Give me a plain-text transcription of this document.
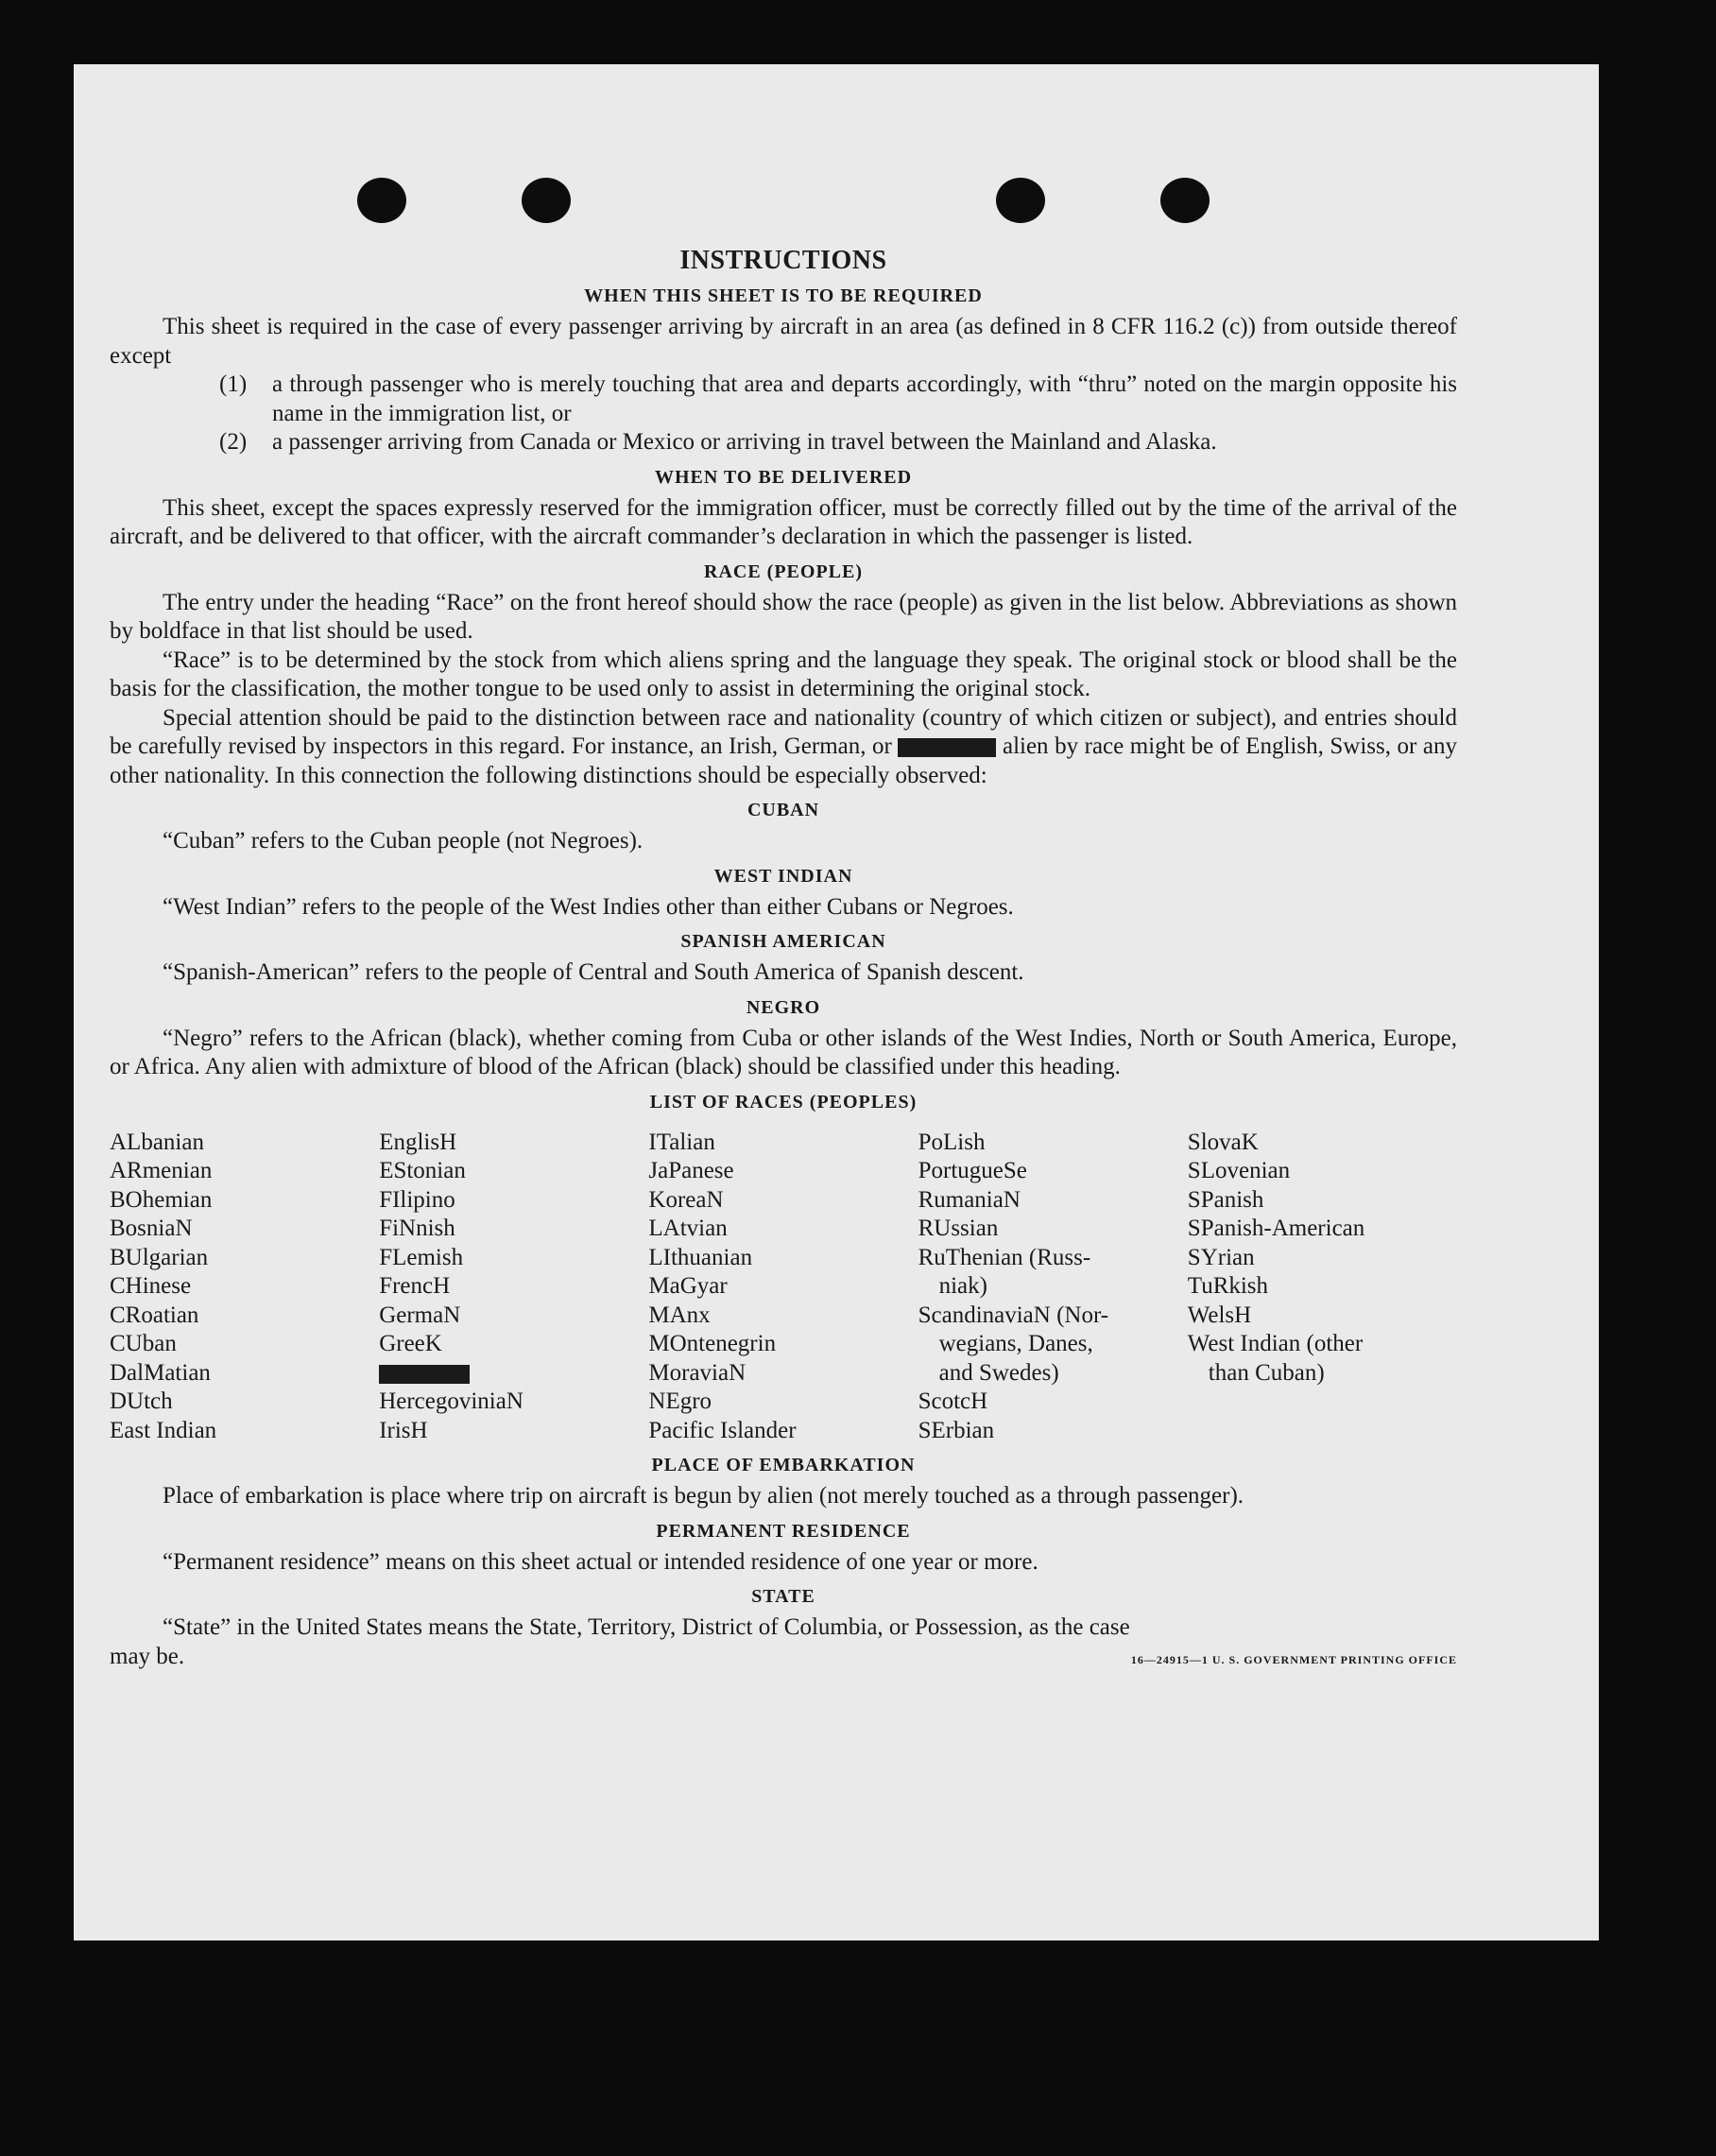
INSTRUCTIONS
WHEN THIS SHEET IS TO BE REQUIRED

This sheet is required in the case of every passenger arriving by aircraft in an area (as defined in 8 CFR 116.2 (c)) from outside thereof except

(1)	a through passenger who is merely touching that area and departs accordingly, with “thru” noted on the margin opposite his name in the immigration list, or
(2)	a passenger arriving from Canada or Mexico or arriving in travel between the Mainland and Alaska.
WHEN TO BE DELIVERED

This sheet, except the spaces expressly reserved for the immigration officer, must be correctly filled out by the time of the arrival of the aircraft, and be delivered to that officer, with the aircraft commander’s declaration in which the passenger is listed.

RACE (PEOPLE)

The entry under the heading “Race” on the front hereof should show the race (people) as given in the list below. Abbreviations as shown by boldface in that list should be used.

“Race” is to be determined by the stock from which aliens spring and the language they speak. The original stock or blood shall be the basis for the classification, the mother tongue to be used only to assist in determining the original stock.

Special attention should be paid to the distinction between race and nationality (country of which citizen or subject), and entries should be carefully revised by inspectors in this regard. For instance, an Irish, German, or	alien by race might be of English, Swiss, or any other nationality. In this connection the following distinctions should be especially observed:

CUBAN

“Cuban” refers to the Cuban people (not Negroes).

WEST INDIAN

“West Indian” refers to the people of the West Indies other than either Cubans or Negroes.

SPANISH AMERICAN

“Spanish-American” refers to the people of Central and South America of Spanish descent.

NEGRO

“Negro” refers to the African (black), whether coming from Cuba or other islands of the West Indies, North or South America, Europe, or Africa. Any alien with admixture of blood of the African (black) should be classified under this heading.

LIST OF RACES (PEOPLES)
ALbanian
ARmenian
BOhemian
BosniaN
BUlgarian
CHinese
CRoatian
CUban
DalMatian
DUtch
East Indian
EnglisH
EStonian
FIlipino
FiNnish
FLemish
FrencH
GermaN
GreeK
HercegoviniaN
IrisH
ITalian
JaPanese
KoreaN
LAtvian
LIthuanian
MaGyar
MAnx
MOntenegrin
MoraviaN
NEgro
Pacific Islander
PoLish
PortugueSe
RumaniaN
RUssian
RuThenian (Russ-
niak)
ScandinaviaN (Nor-
wegians, Danes,
and Swedes)
ScotcH
SErbian
SlovaK
SLovenian
SPanish
SPanish-American
SYrian
TuRkish
WelsH
West Indian (other
than Cuban)
PLACE OF EMBARKATION

Place of embarkation is place where trip on aircraft is begun by alien (not merely touched as a through passenger).

PERMANENT RESIDENCE

“Permanent residence” means on this sheet actual or intended residence of one year or more.

STATE

“State” in the United States means the State, Territory, District of Columbia, or Possession, as the case

may be.	16—24915—1 U. S. GOVERNMENT PRINTING OFFICE
